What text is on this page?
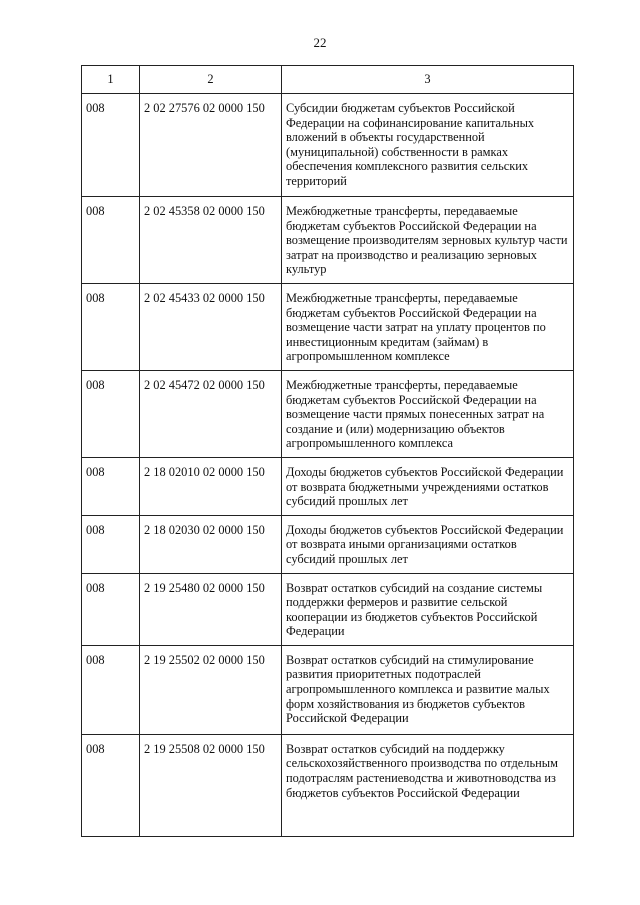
22
1	2	3

008	2 02 27576 02 0000 150	Субсидии бюджетам субъектов Российской Федерации на софинансирование капитальных вложений в объекты государственной (муниципальной) собственности в рамках обеспечения комплексного развития сельских территорий

008	2 02 45358 02 0000 150	Межбюджетные трансферты, передаваемые бюджетам субъектов Российской Федерации на возмещение производителям зерновых культур части затрат на производство и реализацию зерновых культур

008	2 02 45433 02 0000 150	Межбюджетные трансферты, передаваемые бюджетам субъектов Российской Федерации на возмещение части затрат на уплату процентов по инвестиционным кредитам (займам) в агропромышленном комплексе

008	2 02 45472 02 0000 150	Межбюджетные трансферты, передаваемые бюджетам субъектов Российской Федерации на возмещение части прямых понесенных затрат на создание и (или) модернизацию объектов агропромышленного комплекса

008	2 18 02010 02 0000 150	Доходы бюджетов субъектов Российской Федерации от возврата бюджетными учреждениями остатков субсидий прошлых лет

008	2 18 02030 02 0000 150	Доходы бюджетов субъектов Российской Федерации от возврата иными организациями остатков субсидий прошлых лет

008	2 19 25480 02 0000 150	Возврат остатков субсидий на создание системы поддержки фермеров и развитие сельской кооперации из бюджетов субъектов Российской Федерации

008	2 19 25502 02 0000 150	Возврат остатков субсидий на стимулирование развития приоритетных подотраслей агропромышленного комплекса и развитие малых форм хозяйствования из бюджетов субъектов Российской Федерации

008	2 19 25508 02 0000 150	Возврат остатков субсидий на поддержку сельскохозяйственного производства по отдельным подотраслям растениеводства и животноводства из бюджетов субъектов Российской Федерации
